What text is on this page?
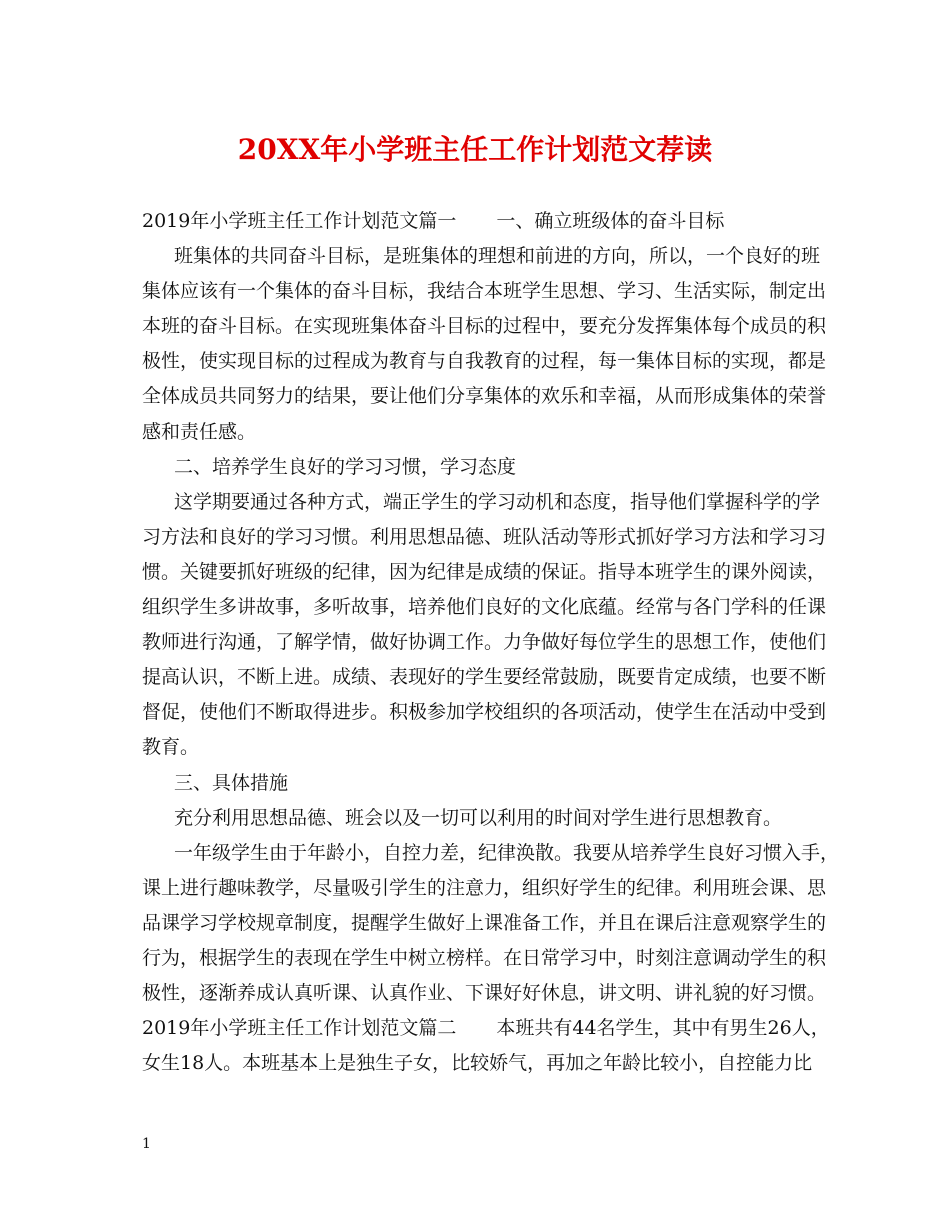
20XX年小学班主任工作计划范文荐读
2019年小学班主任工作计划范文篇一 一、确立班级体的奋斗目标
班集体的共同奋斗目标，是班集体的理想和前进的方向，所以，一个良好的班
集体应该有一个集体的奋斗目标，我结合本班学生思想、学习、生活实际，制定出
本班的奋斗目标。在实现班集体奋斗目标的过程中，要充分发挥集体每个成员的积
极性，使实现目标的过程成为教育与自我教育的过程，每一集体目标的实现，都是
全体成员共同努力的结果，要让他们分享集体的欢乐和幸福，从而形成集体的荣誉
感和责任感。
二、培养学生良好的学习习惯，学习态度
这学期要通过各种方式，端正学生的学习动机和态度，指导他们掌握科学的学
习方法和良好的学习习惯。利用思想品德、班队活动等形式抓好学习方法和学习习
惯。关键要抓好班级的纪律，因为纪律是成绩的保证。指导本班学生的课外阅读，
组织学生多讲故事，多听故事，培养他们良好的文化底蕴。经常与各门学科的任课
教师进行沟通，了解学情，做好协调工作。力争做好每位学生的思想工作，使他们
提高认识，不断上进。成绩、表现好的学生要经常鼓励，既要肯定成绩，也要不断
督促，使他们不断取得进步。积极参加学校组织的各项活动，使学生在活动中受到
教育。
三、具体措施
充分利用思想品德、班会以及一切可以利用的时间对学生进行思想教育。
一年级学生由于年龄小，自控力差，纪律涣散。我要从培养学生良好习惯入手，
课上进行趣味教学，尽量吸引学生的注意力，组织好学生的纪律。利用班会课、思
品课学习学校规章制度，提醒学生做好上课准备工作，并且在课后注意观察学生的
行为，根据学生的表现在学生中树立榜样。在日常学习中，时刻注意调动学生的积
极性，逐渐养成认真听课、认真作业、下课好好休息，讲文明、讲礼貌的好习惯。
2019年小学班主任工作计划范文篇二 本班共有44名学生，其中有男生26人，
女生18人。本班基本上是独生子女，比较娇气，再加之年龄比较小，自控能力比
1
